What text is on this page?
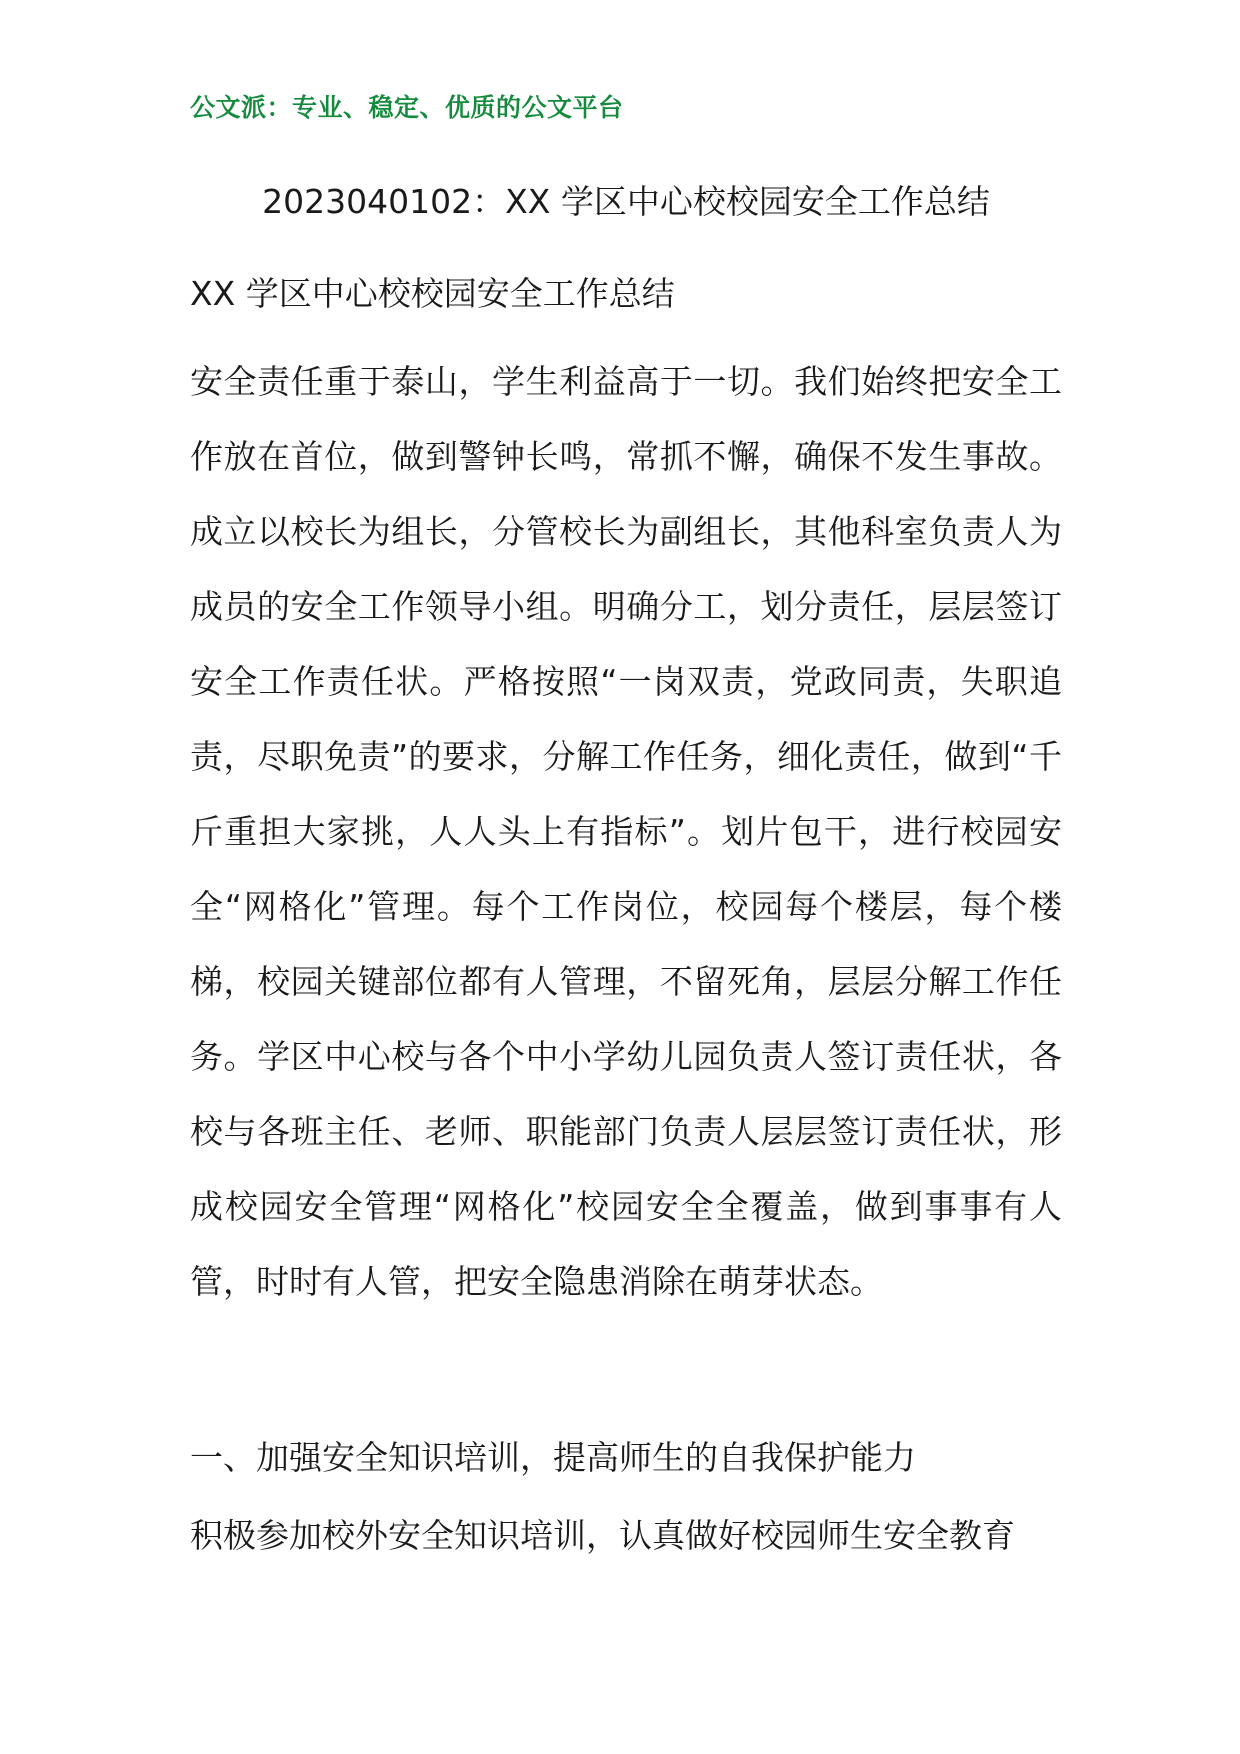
公文派：专业、稳定、优质的公文平台
2023040102：XX 学区中心校校园安全工作总结
XX 学区中心校校园安全工作总结

安全责任重于泰山，学生利益高于一切。我们始终把安全工作放在首位，做到警钟长鸣，常抓不懈，确保不发生事故。成立以校长为组长，分管校长为副组长，其他科室负责人为成员的安全工作领导小组。明确分工，划分责任，层层签订安全工作责任状。严格按照“一岗双责，党政同责，失职追责，尽职免责”的要求，分解工作任务，细化责任，做到“千斤重担大家挑，人人头上有指标”。划片包干，进行校园安全“网格化”管理。每个工作岗位，校园每个楼层，每个楼梯，校园关键部位都有人管理，不留死角，层层分解工作任务。学区中心校与各个中小学幼儿园负责人签订责任状，各校与各班主任、老师、职能部门负责人层层签订责任状，形成校园安全管理“网格化”校园安全全覆盖，做到事事有人管，时时有人管，把安全隐患消除在萌芽状态。

一、加强安全知识培训，提高师生的自我保护能力

积极参加校外安全知识培训，认真做好校园师生安全教育
